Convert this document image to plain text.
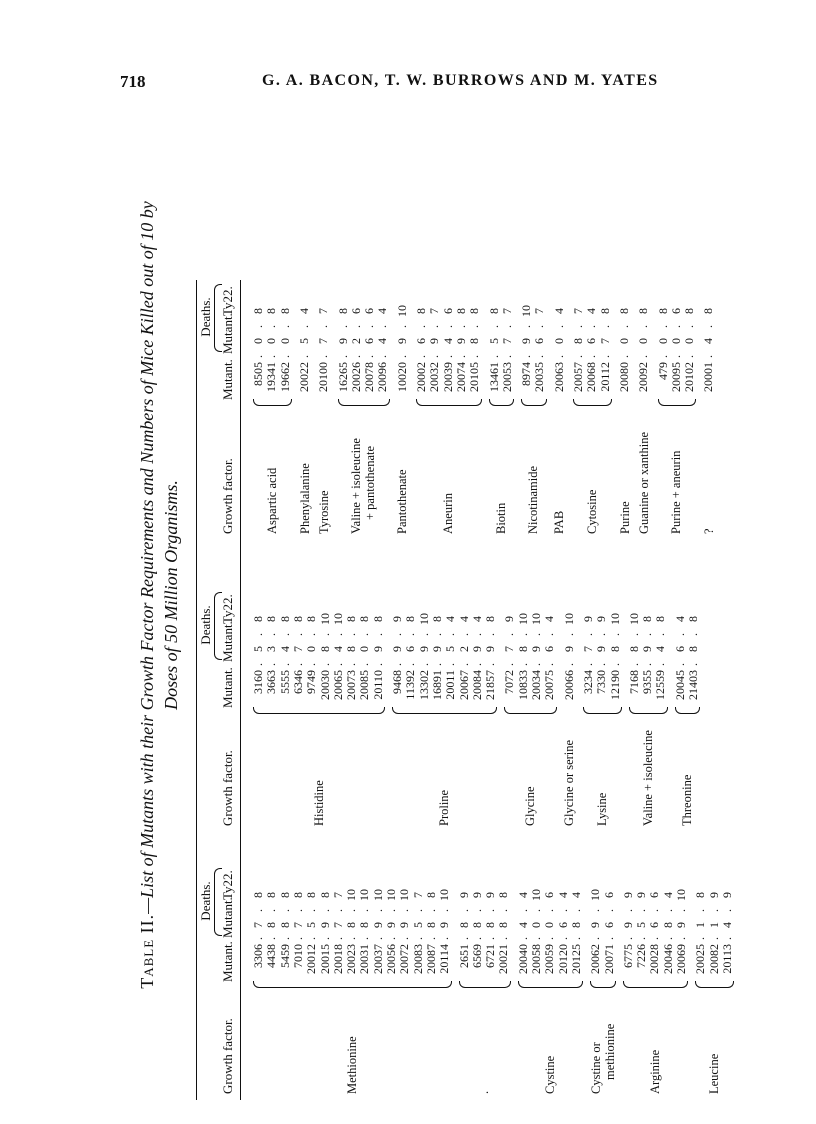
718	G. A. BACON, T. W. BURROWS AND M. YATES
Table II.—List of Mutants with their Growth Factor Requirements and Numbers of Mice Killed out of 10 by Doses of 50 Million Organisms.
Growth factor.
Mutant.
Deaths. Mutant.
Ty22.
Methionine
3306
.
7
.
8
4438
.
8
.
8
5459
.
8
.
8
7010
.
7
.
8
20012
.
5
.
8
20015
.
9
.
8
20018
.
7
.
7
20023
.
8
.
10
20031
.
8
.
10
20037
.
9
.
10
20056
.
9
.
10
20072
.
9
.
10
20083
.
5
.
7
20087
.
8
.
8
20114
.
9
.
10
.
2651
.
8
.
9
6569
.
8
.
9
6721
.
8
.
9
20021
.
8
.
8
Cystine
20040
.
4
.
4
20058
.
0
.
10
20059
.
0
.
6
20120
.
6
.
4
20125
.
8
.
4
Cystine or methionine
20062
.
9
.
10
20071
.
6
.
6
Arginine
6775
.
9
.
9
7226
.
5
.
9
20028
.
6
.
6
20046
.
8
.
4
20069
.
9
.
10
Leucine
20025
.
1
.
8
20082
.
1
.
9
20113
.
4
.
9
Growth factor.
Mutant.
Deaths. Mutant.
Ty22.
Histidine
3160
.
5
.
8
3663
.
3
.
8
5555
.
4
.
8
6346
.
7
.
8
9749
.
0
.
8
20030
.
8
.
10
20065
.
4
.
10
20073
.
8
.
8
20085
.
0
.
8
20110
.
9
.
8
Proline
9468
.
9
.
9
11392
.
6
.
8
13302
.
9
.
10
16891
.
9
.
8
20011
.
5
.
4
20067
.
2
.
4
20084
.
9
.
4
21857
.
9
.
8
Glycine
7072
.
7
.
9
10833
.
8
.
10
20034
.
9
.
10
20075
.
6
.
4
Glycine or serine
20066
.
9
.
10
Lysine
3234
.
7
.
9
7330
.
9
.
9
12190
.
8
.
10
Valine + isoleucine
7168
.
8
.
10
9355
.
9
.
8
12559
.
4
.
8
Threonine
20045
.
6
.
4
21403
.
8
.
8
Growth factor.
Mutant.
Deaths. Mutant.
Ty22.
Aspartic acid
8505
.
0
.
8
19341
.
0
.
8
19662
.
0
.
8
Phenylalanine
20022
.
5
.
4
Tyrosine
20100
.
7
.
7
Valine + isoleucine + pantothenate
16265
.
9
.
8
20026
.
2
.
6
20078
.
6
.
6
20096
.
4
.
4
Pantothenate
10020
.
9
.
10
Aneurin
20002
.
6
.
8
20032
.
9
.
7
20039
.
4
.
6
20074
.
9
.
8
20105
.
8
.
8
Biotin
13461
.
5
.
8
20053
.
7
.
7
Nicotinamide
8974
.
9
.
10
20035
.
6
.
7
PAB
20063
.
0
.
4
Cytosine
20057
.
8
.
7
20068
.
6
.
4
20112
.
7
.
8
Purine
20080
.
0
.
8
Guanine or xanthine
20092
.
0
.
8
Purine + aneurin
479
.
0
.
8
20095
.
0
.
6
20102
.
0
.
8
?
20001
.
4
.
8
